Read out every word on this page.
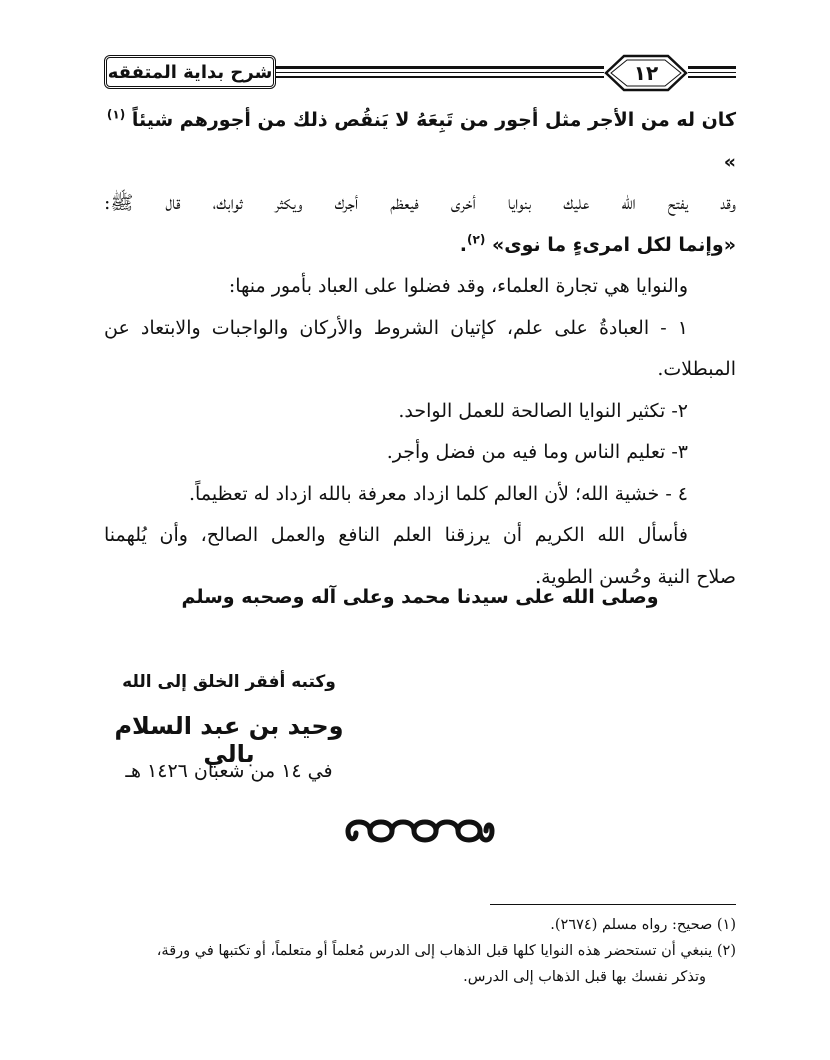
شرح بداية المتفقه	١٢

كان له من الأجر مثل أجور من تَبِعَهُ لا يَنقُص ذلك من أجورهم شيئاً $^{(١)}$ »

وقد يفتح الله عليك بنوايا أخرى فيعظم أجرك ويكثر ثوابك، قال ﷺ:

«وإنما لكل امرىءٍ ما نوى» $^{(٢)}$.

والنوايا هي تجارة العلماء، وقد فضلوا على العباد بأمور منها:

١ - العبادةُ على علم، كإتيان الشروط والأركان والواجبات والابتعاد عن

المبطلات.

٢- تكثير النوايا الصالحة للعمل الواحد.

٣- تعليم الناس وما فيه من فضل وأجر.

٤ - خشية الله؛ لأن العالم كلما ازداد معرفة بالله ازداد له تعظيماً.

فأسأل الله الكريم أن يرزقنا العلم النافع والعمل الصالح، وأن يُلهمنا

صلاح النية وحُسن الطوية.

وصلى الله على سيدنا محمد وعلى آله وصحبه وسلم
وكتبه أفقر الخلق إلى الله
وحيد بن عبد السلام بالي
في ١٤ من شعبان ١٤٢٦ هـ

(١) صحيح: رواه مسلم (٢٦٧٤).

(٢) ينبغي أن تستحضر هذه النوايا كلها قبل الذهاب إلى الدرس مُعلماً أو متعلماً، أو تكتبها في ورقة،

وتذكر نفسك بها قبل الذهاب إلى الدرس.
